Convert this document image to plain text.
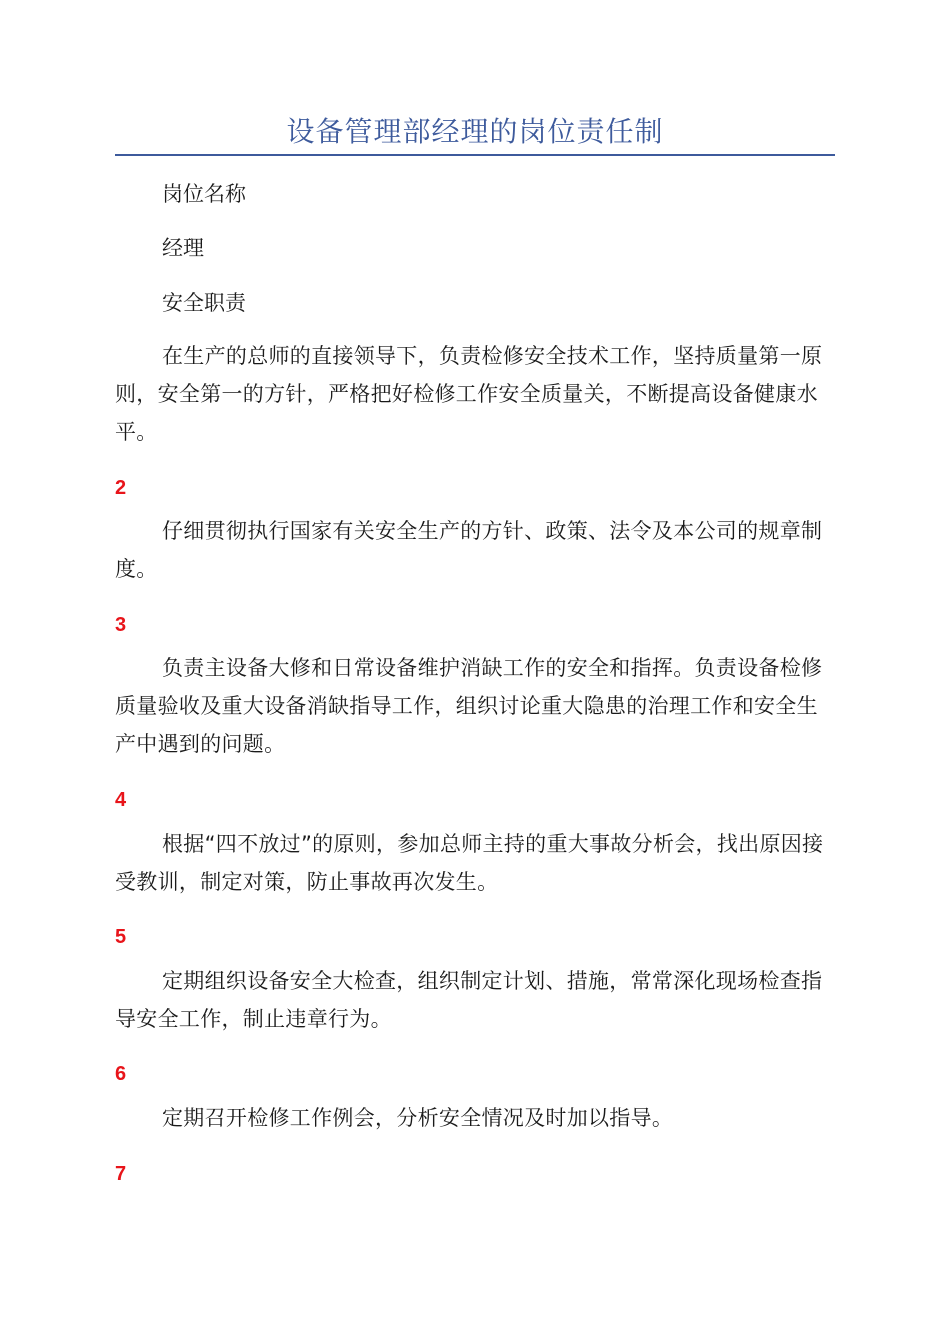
设备管理部经理的岗位责任制
岗位名称
经理
安全职责
在生产的总师的直接领导下，负责检修安全技术工作，坚持质量第一原则，安全第一的方针，严格把好检修工作安全质量关，不断提高设备健康水平。
2
仔细贯彻执行国家有关安全生产的方针、政策、法令及本公司的规章制度。
3
负责主设备大修和日常设备维护消缺工作的安全和指挥。负责设备检修质量验收及重大设备消缺指导工作，组织讨论重大隐患的治理工作和安全生产中遇到的问题。
4
根据“四不放过”的原则，参加总师主持的重大事故分析会，找出原因接受教训，制定对策，防止事故再次发生。
5
定期组织设备安全大检查，组织制定计划、措施，常常深化现场检查指导安全工作，制止违章行为。
6
定期召开检修工作例会，分析安全情况及时加以指导。
7
